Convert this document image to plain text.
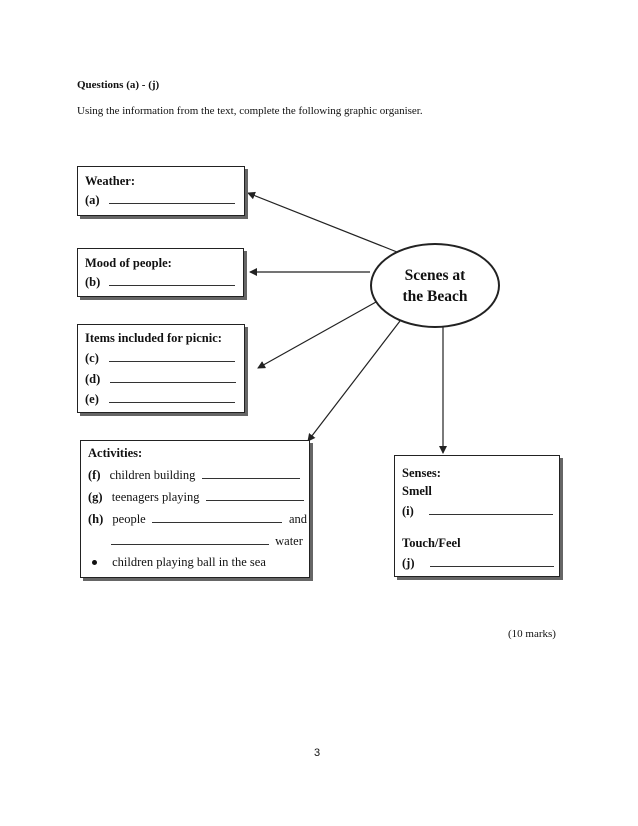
Questions (a) - (j)
Using the information from the text, complete the following graphic organiser.
Scenes at
the Beach
Weather:
(a)
Mood of people:
(b)
Items included for picnic:
(c)
(d)
(e)
Activities:
(f) children building
(g) teenagers playing
(h) people	and
water
children playing ball in the sea
Senses:
Smell
(i)
Touch/Feel
(j)
(10 marks)
3
